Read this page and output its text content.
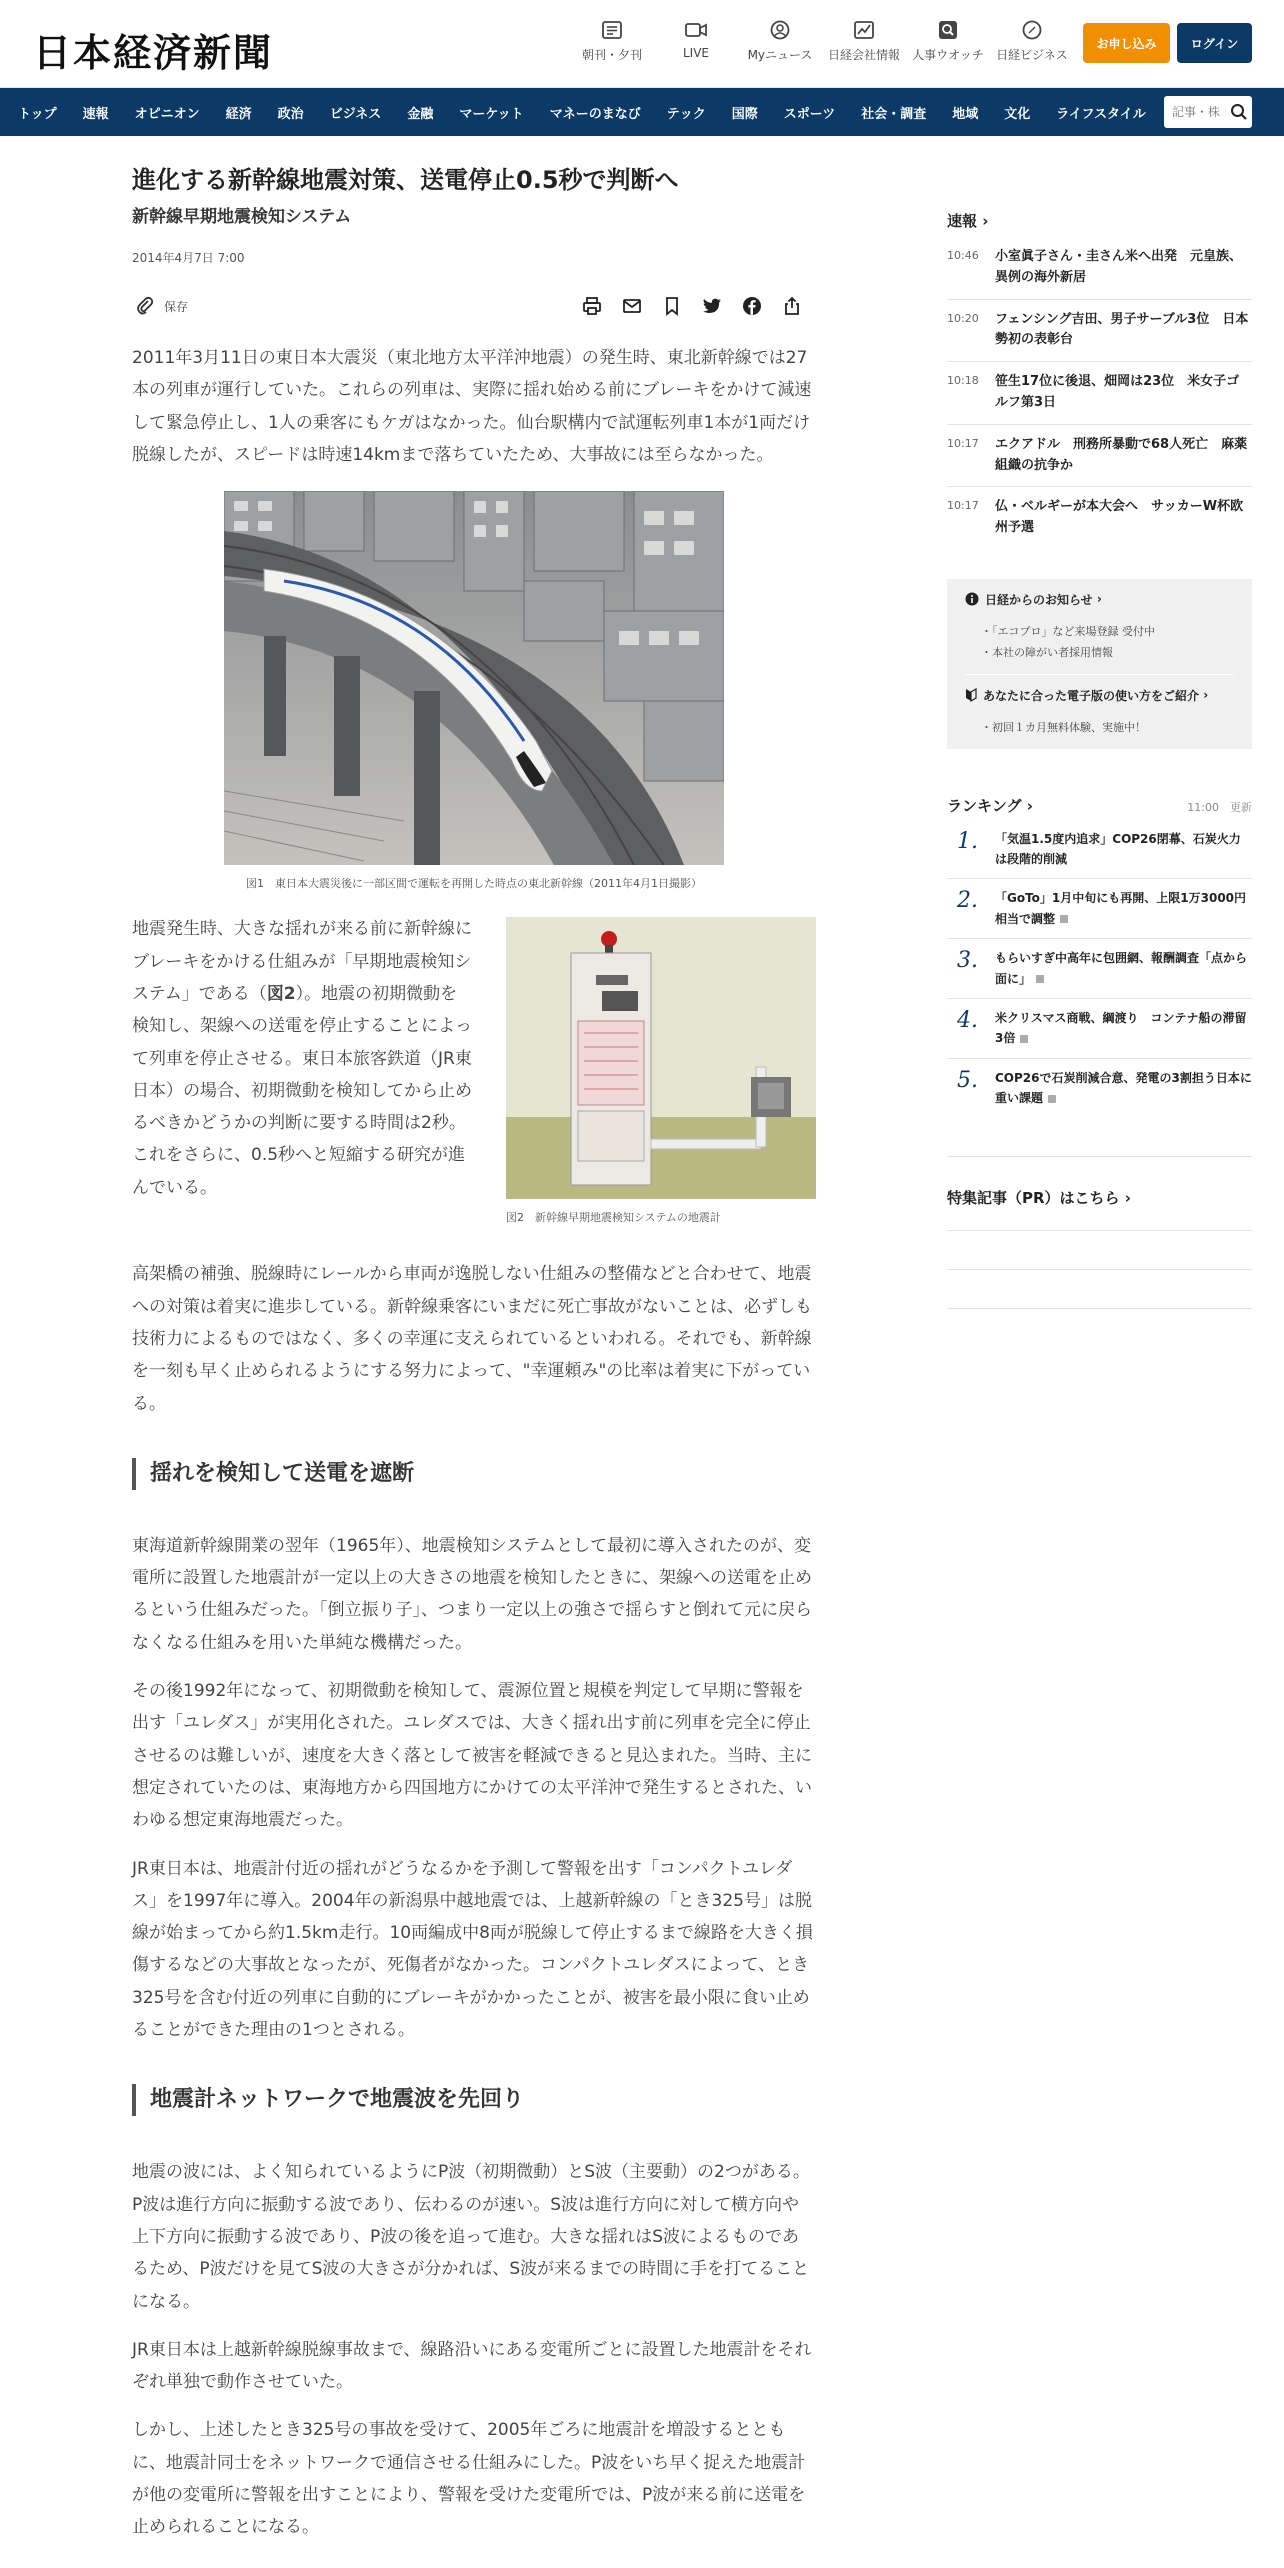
日本経済新聞	朝刊・夕刊	LIVE	Myニュース	日経会社情報	人事ウオッチ	日経ビジネス
お申し込み	ログイン
トップ 速報 オピニオン 経済 政治 ビジネス 金融 マーケット マネーのまなび テック 国際 スポーツ 社会・調査 地域 文化 ライフスタイル
記事・株
進化する新幹線地震対策、送電停止0.5秒で判断へ
新幹線早期地震検知システム
2014年4月7日 7:00
保存

2011年3月11日の東日本大震災（東北地方太平洋沖地震）の発生時、東北新幹線では27本の列車が運行していた。これらの列車は、実際に揺れ始める前にブレーキをかけて減速して緊急停止し、1人の乗客にもケガはなかった。仙台駅構内で試運転列車1本が1両だけ脱線したが、スピードは時速14kmまで落ちていたため、大事故には至らなかった。

図1　東日本大震災後に一部区間で運転を再開した時点の東北新幹線（2011年4月1日撮影）

地震発生時、大きな揺れが来る前に新幹線にブレーキをかける仕組みが「早期地震検知システム」である（図2）。地震の初期微動を検知し、架線への送電を停止することによって列車を停止させる。東日本旅客鉄道（JR東日本）の場合、初期微動を検知してから止めるべきかどうかの判断に要する時間は2秒。これをさらに、0.5秒へと短縮する研究が進んでいる。

図2　新幹線早期地震検知システムの地震計

高架橋の補強、脱線時にレールから車両が逸脱しない仕組みの整備などと合わせて、地震への対策は着実に進歩している。新幹線乗客にいまだに死亡事故がないことは、必ずしも技術力によるものではなく、多くの幸運に支えられているといわれる。それでも、新幹線を一刻も早く止められるようにする努力によって、"幸運頼み"の比率は着実に下がっている。

揺れを検知して送電を遮断

東海道新幹線開業の翌年（1965年）、地震検知システムとして最初に導入されたのが、変電所に設置した地震計が一定以上の大きさの地震を検知したときに、架線への送電を止めるという仕組みだった。「倒立振り子」、つまり一定以上の強さで揺らすと倒れて元に戻らなくなる仕組みを用いた単純な機構だった。

その後1992年になって、初期微動を検知して、震源位置と規模を判定して早期に警報を出す「ユレダス」が実用化された。ユレダスでは、大きく揺れ出す前に列車を完全に停止させるのは難しいが、速度を大きく落として被害を軽減できると見込まれた。当時、主に想定されていたのは、東海地方から四国地方にかけての太平洋沖で発生するとされた、いわゆる想定東海地震だった。

JR東日本は、地震計付近の揺れがどうなるかを予測して警報を出す「コンパクトユレダス」を1997年に導入。2004年の新潟県中越地震では、上越新幹線の「とき325号」は脱線が始まってから約1.5km走行。10両編成中8両が脱線して停止するまで線路を大きく損傷するなどの大事故となったが、死傷者がなかった。コンパクトユレダスによって、とき325号を含む付近の列車に自動的にブレーキがかかったことが、被害を最小限に食い止めることができた理由の1つとされる。

地震計ネットワークで地震波を先回り

地震の波には、よく知られているようにP波（初期微動）とS波（主要動）の2つがある。P波は進行方向に振動する波であり、伝わるのが速い。S波は進行方向に対して横方向や上下方向に振動する波であり、P波の後を追って進む。大きな揺れはS波によるものであるため、P波だけを見てS波の大きさが分かれば、S波が来るまでの時間に手を打てることになる。

JR東日本は上越新幹線脱線事故まで、線路沿いにある変電所ごとに設置した地震計をそれぞれ単独で動作させていた。

しかし、上述したとき325号の事故を受けて、2005年ごろに地震計を増設するとともに、地震計同士をネットワークで通信させる仕組みにした。P波をいち早く捉えた地震計が他の変電所に警報を出すことにより、警報を受けた変電所では、P波が来る前に送電を止められることになる。

速報 ›
10:46	小室眞子さん・圭さん米へ出発　元皇族、異例の海外新居
10:20	フェンシング吉田、男子サーブル3位　日本勢初の表彰台
10:18	笹生17位に後退、畑岡は23位　米女子ゴルフ第3日
10:17	エクアドル　刑務所暴動で68人死亡　麻薬組織の抗争か
10:17	仏・ベルギーが本大会へ　サッカーW杯欧州予選
日経からのお知らせ
›
・「エコプロ」など来場登録 受付中
・本社の障がい者採用情報
あなたに合った電子版の使い方をご紹介
›
・初回１カ月無料体験、実施中！
ランキング ›	11:00　更新
1.	「気温1.5度内追求」COP26閉幕、石炭火力は段階的削減
2.	「GoTo」1月中旬にも再開、上限1万3000円相当で調整
3.	もらいすぎ中高年に包囲網、報酬調査「点から面に」
4.	米クリスマス商戦、綱渡り　コンテナ船の滞留3倍
5.	COP26で石炭削減合意、発電の3割担う日本に重い課題
特集記事（PR）はこちら ›
